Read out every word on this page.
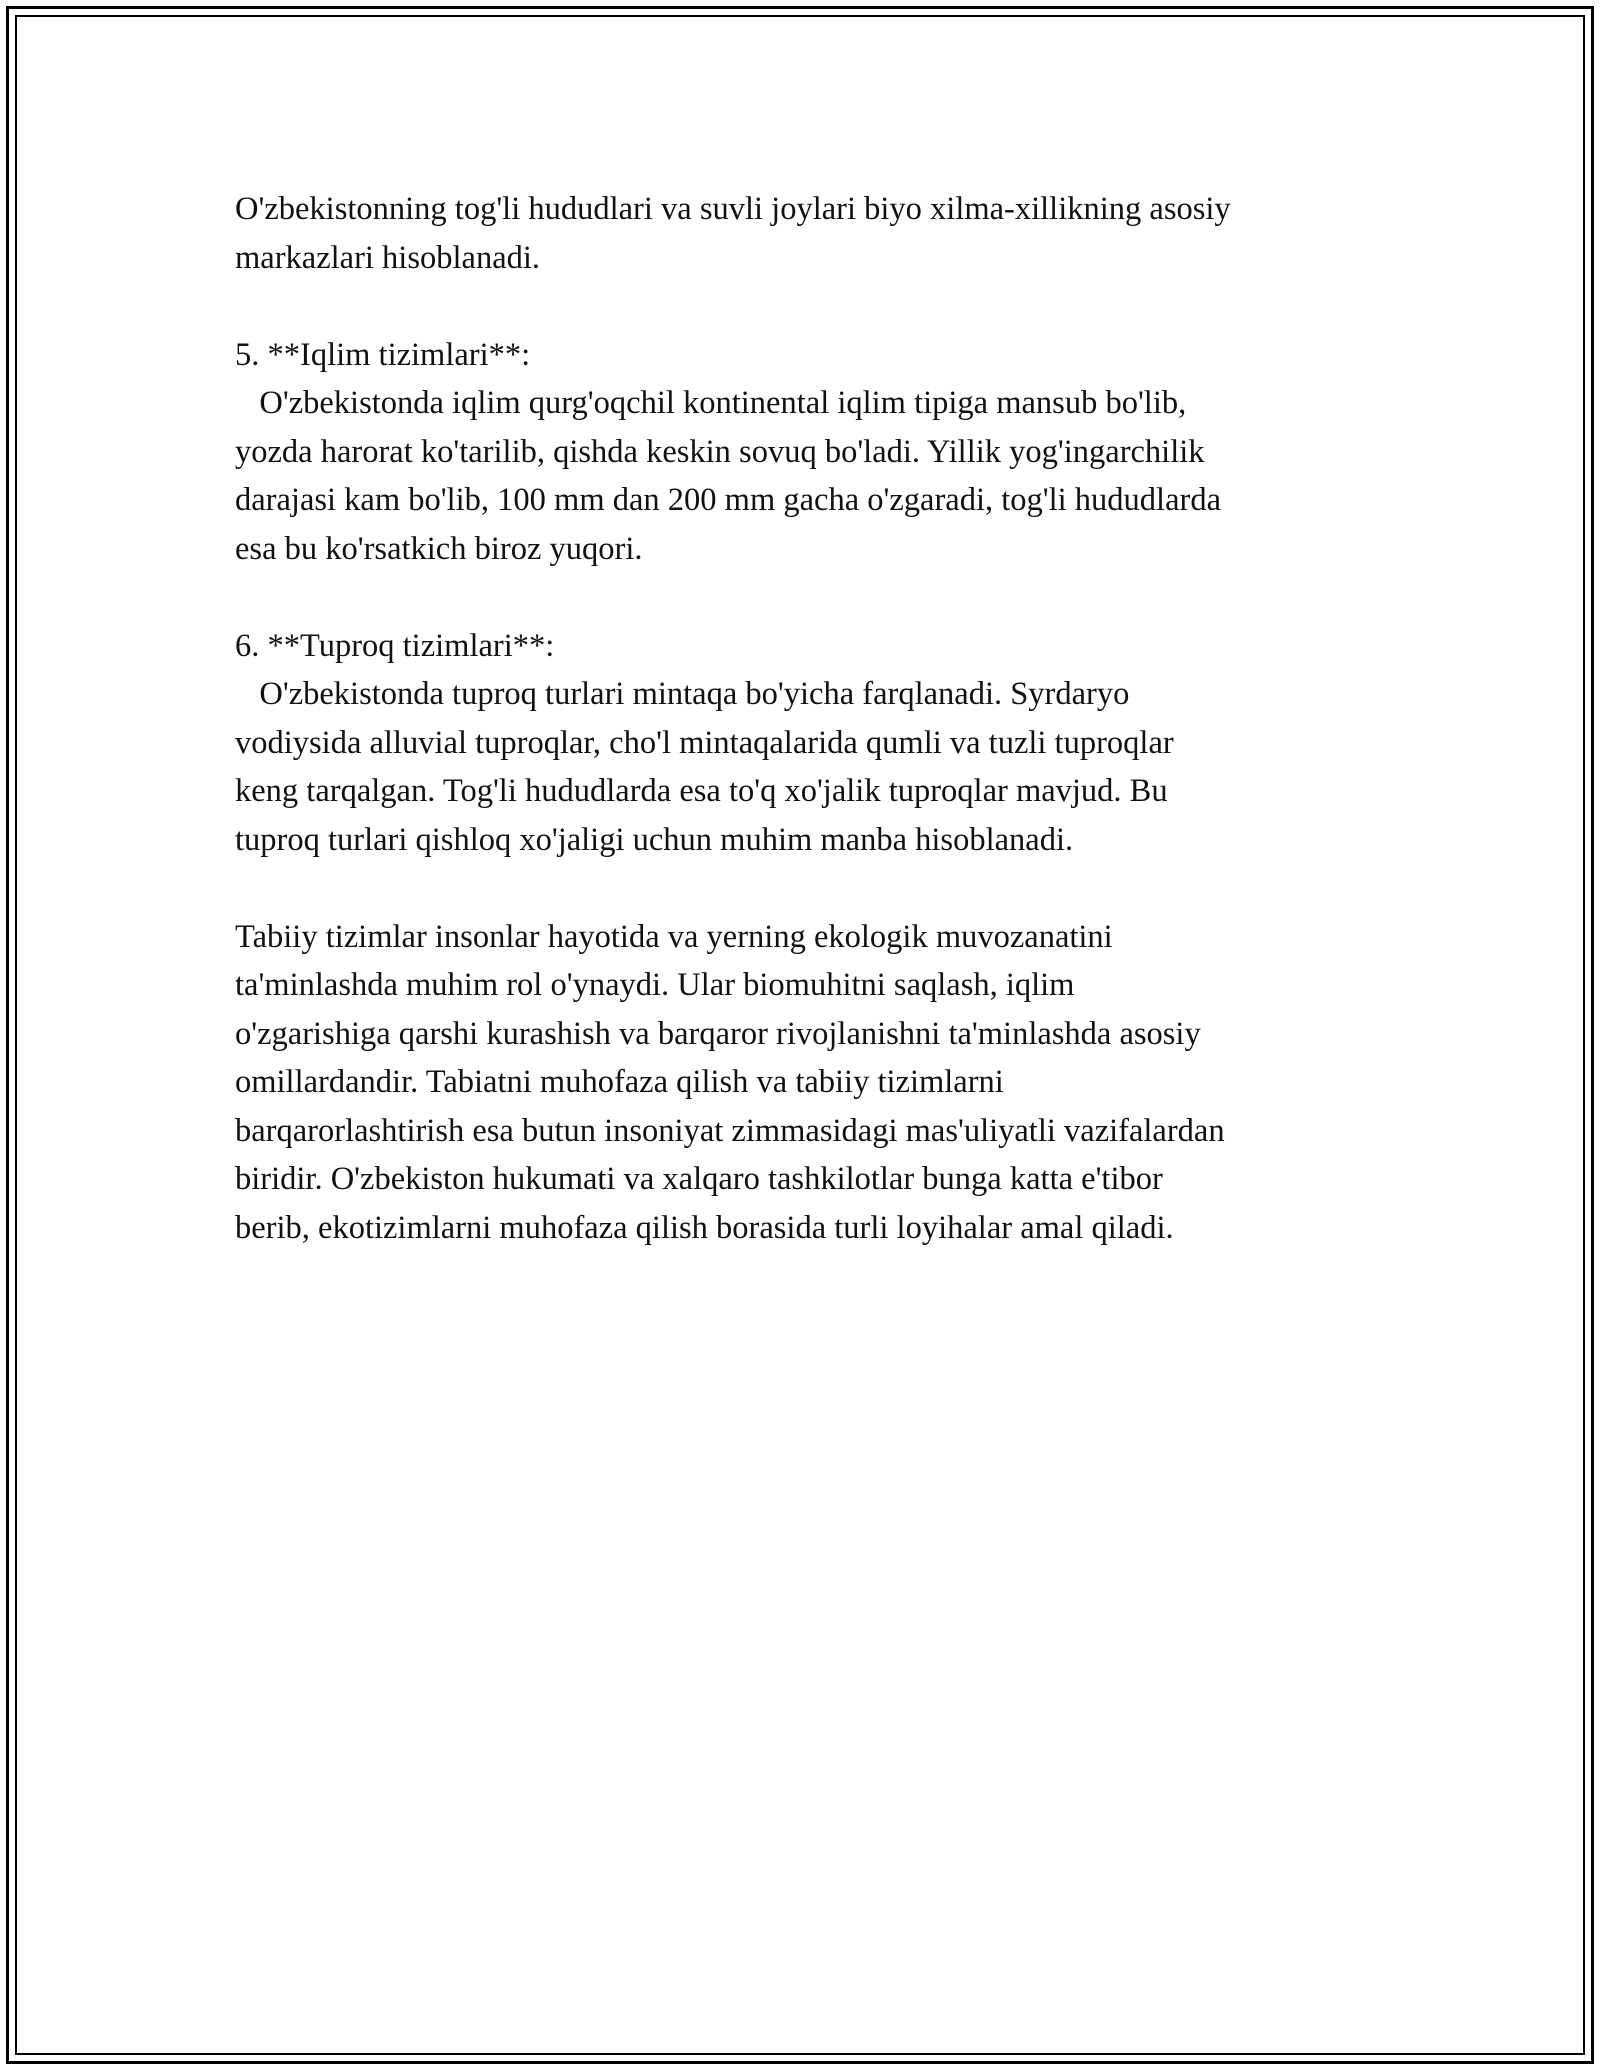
O'zbekistonning tog'li hududlari va suvli joylari biyo xilma-xillikning asosiy
markazlari hisoblanadi.

5. **Iqlim tizimlari**:
O'zbekistonda iqlim qurg'oqchil kontinental iqlim tipiga mansub bo'lib,
yozda harorat ko'tarilib, qishda keskin sovuq bo'ladi. Yillik yog'ingarchilik
darajasi kam bo'lib, 100 mm dan 200 mm gacha o'zgaradi, tog'li hududlarda
esa bu ko'rsatkich biroz yuqori.

6. **Tuproq tizimlari**:
O'zbekistonda tuproq turlari mintaqa bo'yicha farqlanadi. Syrdaryo
vodiysida alluvial tuproqlar, cho'l mintaqalarida qumli va tuzli tuproqlar
keng tarqalgan. Tog'li hududlarda esa to'q xo'jalik tuproqlar mavjud. Bu
tuproq turlari qishloq xo'jaligi uchun muhim manba hisoblanadi.

Tabiiy tizimlar insonlar hayotida va yerning ekologik muvozanatini
ta'minlashda muhim rol o'ynaydi. Ular biomuhitni saqlash, iqlim
o'zgarishiga qarshi kurashish va barqaror rivojlanishni ta'minlashda asosiy
omillardandir. Tabiatni muhofaza qilish va tabiiy tizimlarni
barqarorlashtirish esa butun insoniyat zimmasidagi mas'uliyatli vazifalardan
biridir. O'zbekiston hukumati va xalqaro tashkilotlar bunga katta e'tibor
berib, ekotizimlarni muhofaza qilish borasida turli loyihalar amal qiladi.
